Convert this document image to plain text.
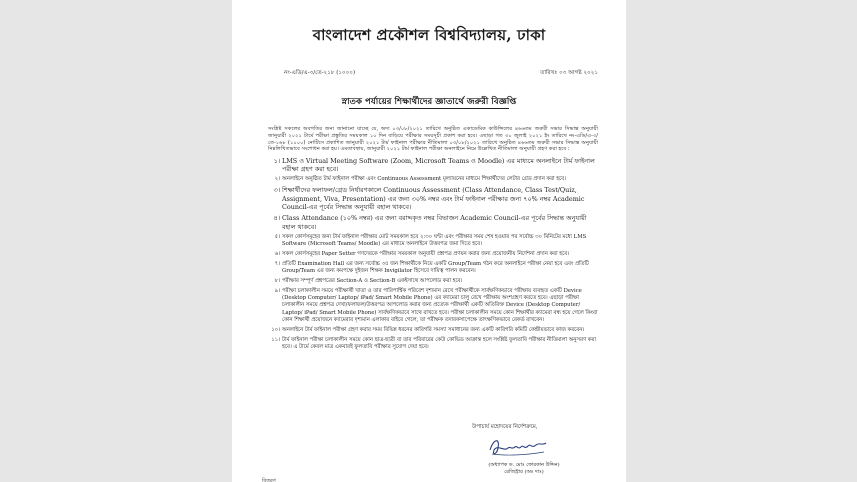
বাংলাদেশ প্রকৌশল বিশ্ববিদ্যালয়, ঢাকা
নং-এডি/এ-৩/তে-২১৮ (১০০০)	তারিখঃ ০৩ আগষ্ট ২০২১
স্নাতক পর্যায়ের শিক্ষার্থীদের জ্ঞাতার্থে জরুরী বিজ্ঞপ্তি
সংশ্লিষ্ট সকলের অবগতির জন্য জানানো যাচ্ছে যে, অদ্য ০৩/০৮/২০২১ তারিখে অনুষ্ঠিত একাডেমিক কাউন্সিলের ৪৬৬তম জরুরী সভার সিদ্ধান্ত অনুযায়ী জানুয়ারী ২০২১ টার্মে পরীক্ষা প্রস্তুতির সময়কাল ১০ দিন বাড়িয়ে পরীক্ষার সময়সূচী প্রকাশ করা হবে। এছাড়া গত ৩০ জুলাই ২০২১ ইং তারিখে নং-এডি/এ-৩/তে-১৬৮ (১০০০) নোটিসে প্রকাশিত জানুয়ারী ২০২১ টার্ম ফাইনাল পরীক্ষার নীতিমালা ০৩/০৮/২০২১ তারিখে অনুষ্ঠিত ৪৬৬তম জরুরী সভার সিদ্ধান্ত অনুযায়ী নিম্নলিখিতভাবে সংশোধন করা হয়। এমতাবস্থায়, জানুয়ারী ২০২১ টার্ম ফাইনাল পরীক্ষা অনলাইনে নিম্নে উল্লেখিত নীতিমালা অনুযায়ী গ্রহণ করা হবে :
১। LMS ও Virtual Meeting Software (Zoom, Microsoft Teams ও Moodle) এর মাধ্যমে অনলাইনে টার্ম ফাইনাল পরীক্ষা গ্রহণ করা হবে।
২। অনলাইনে অনুষ্ঠিত টার্ম ফাইনাল পরীক্ষা এবং Continuous Assessment মূল্যায়নের মাধ্যমে শিক্ষার্থীদের লেটার গ্রেড প্রদান করা হবে।
৩। শিক্ষার্থীদের ফলাফল/গ্রেড নির্ধারণকালে Continuous Assessment (Class Attendance, Class Test/Quiz, Assignment, Viva, Presentation) এর জন্য ৩০% নম্বর এবং টার্ম ফাইনাল পরীক্ষার জন্য ৭০% নম্বর Academic Council-এর পূর্বের সিদ্ধান্ত অনুযায়ী বহাল থাকবে।
৪। Class Attendance (১০% নম্বর) এর জন্য বরাদ্দকৃত নম্বর বিভাজন Academic Council-এর পূর্বের সিদ্ধান্ত অনুযায়ী বহাল থাকবে।
৫। সকল কোর্সসমূহের জন্য টার্ম ফাইনাল পরীক্ষার মোট সময়কাল হবে ২:৩০ ঘন্টা এবং পরীক্ষার সময় শেষ হওয়ার পর সর্বোচ্চ ৩০ মিনিটের মধ্যে LMS Software (Microsoft Teams/ Moodle) এর মাধ্যমে অনলাইনে উত্তরপত্র জমা দিতে হবে।
৬। সকল কোর্সসমূহের Paper Setter গণদেরকে পরীক্ষার সময়কাল অনুযায়ী প্রশ্নপত্র প্রণয়ন করার জন্য প্রয়োজনীয় নির্দেশনা প্রদান করা হবে।
৭। প্রতিটি Examination Hall এর জন্য সর্বোচ্চ ৩৫ জন শিক্ষার্থীকে নিয়ে একটি Group/Team গঠন করে অনলাইনে পরীক্ষা নেয়া হবে এবং প্রতিটি Group/Team এর জন্য কমপক্ষে দুইজন শিক্ষক Invigilator হিসেবে দায়িত্ব পালন করবেন।
৮। পরীক্ষার সম্পূর্ণ প্রশ্নপত্রের Section-A ও Section-B একইসাথে আপলোড করা হবে।
৯। পরীক্ষা চলাকালীন সময়ে পরীক্ষার্থী খাতা ও তার পারিপার্শ্বিক পরিবেশ দৃশ্যমান রেখে পরীক্ষার্থীকে সার্বক্ষণিকভাবে পরীক্ষায় ব্যবহৃত একটি Device (Desktop Computer/ Laptop/ iPad/ Smart Mobile Phone) এর ক্যামেরা চালু রেখে পরীক্ষায় অংশগ্রহণ করতে হবে। এছাড়া পরীক্ষা চলাকালীন সময়ে প্রশ্নপত্র দেখা/ফলাফল/উত্তরপত্র আপলোড করার জন্য প্রত্যেক পরীক্ষার্থী একটি অতিরিক্ত Device (Desktop Computer/ Laptop/ iPad/ Smart Mobile Phone) সার্বক্ষণিকভাবে সাথে রাখতে হবে। পরীক্ষা চলাকালীন সময়ে কোন শিক্ষার্থীর ক্যামেরা বন্ধ হয়ে গেলে কিংবা কোন শিক্ষার্থী প্রয়োজনে ক্যামেরার দৃশ্যমান এলাকার বাইরে গেলে, তা পরীক্ষক তদারকসাপেক্ষে তাৎক্ষণিকভাবে রেকর্ড রাখবেন।
১০। অনলাইনে টার্ম ফাইনাল পরীক্ষা গ্রহণ করার সময় বিভিন্ন ধরনের কারিগরি সমস্যা সমাধানের জন্য একটি কারিগরি কমিটি কেন্দ্রীয়ভাবে কাজ করবেন।
১১। টার্ম ফাইনাল পরীক্ষা চলাকালীন সময়ে কোন ছাত্র-ছাত্রী বা তার পরিবারের কেউ কোভিড আক্রান্ত হলে সংশ্লিষ্ট ফুলতাবি পরীক্ষার নীতিমালা অনুসরণ করা হবে। এ টার্মে কেবল মাত্র একবারই ফুলতাবি পরীক্ষার সুযোগ দেয়া হবে।
উপাচার্য মহোদয়ের নির্দেশক্রমে,
(অধ্যাপক ড. মোঃ ফোরকান উদ্দিন)
রেজিস্ট্রার (অঃ দাঃ)
বিতরণ
